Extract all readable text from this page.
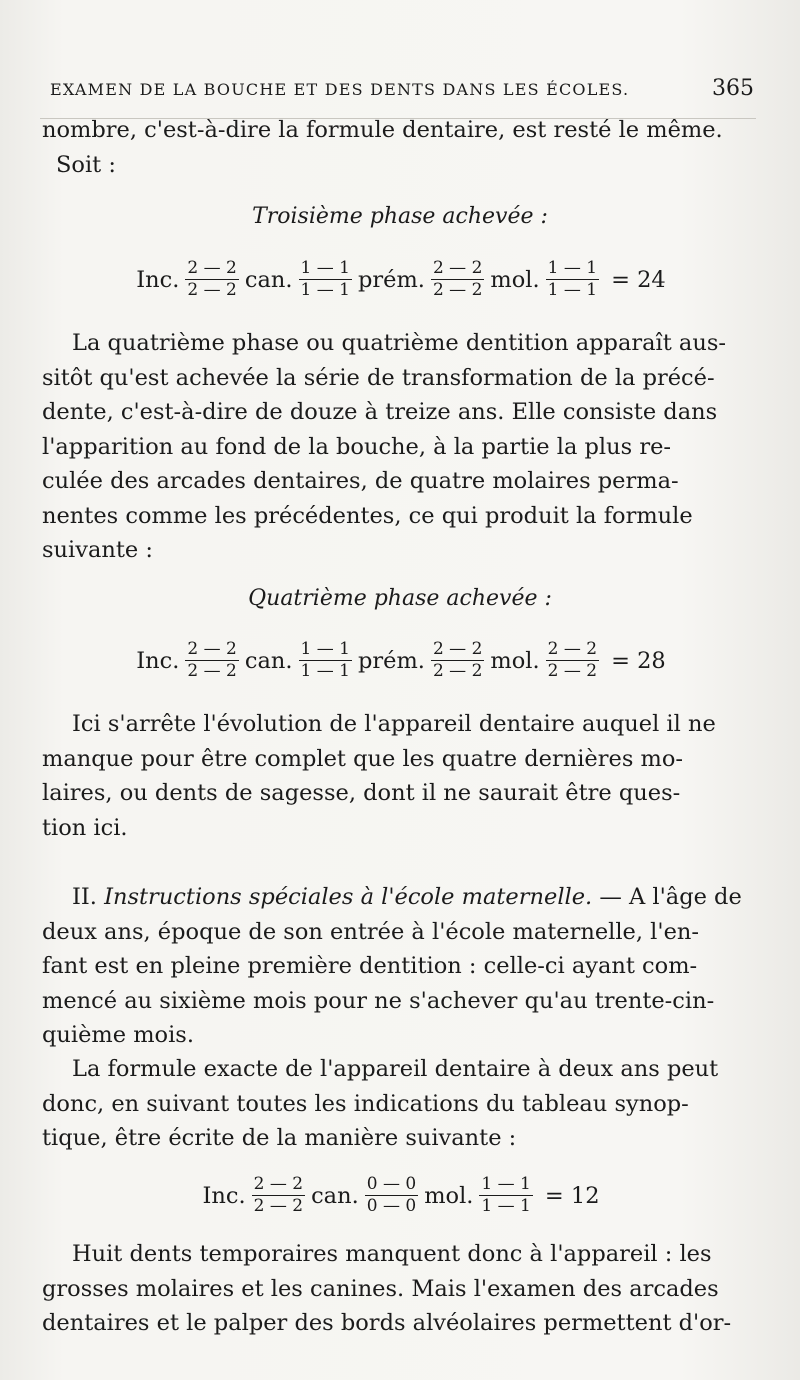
EXAMEN DE LA BOUCHE ET DES DENTS DANS LES ÉCOLES.	365
nombre, c'est-à-dire la formule dentaire, est resté le même.
Soit :
Troisième phase achevée :
Inc. $\frac{2 — 2}{2 — 2}$ can. $\frac{1 — 1}{1 — 1}$ prém. $\frac{2 — 2}{2 — 2}$ mol. $\frac{1 — 1}{1 — 1} = 24$
La quatrième phase ou quatrième dentition apparaît aus-
sitôt qu'est achevée la série de transformation de la précé-
dente, c'est-à-dire de douze à treize ans. Elle consiste dans
l'apparition au fond de la bouche, à la partie la plus re-
culée des arcades dentaires, de quatre molaires perma-
nentes comme les précédentes, ce qui produit la formule
suivante :
Quatrième phase achevée :
Inc. $\frac{2 — 2}{2 — 2}$ can. $\frac{1 — 1}{1 — 1}$ prém. $\frac{2 — 2}{2 — 2}$ mol. $\frac{2 — 2}{2 — 2} = 28$
Ici s'arrête l'évolution de l'appareil dentaire auquel il ne
manque pour être complet que les quatre dernières mo-
laires, ou dents de sagesse, dont il ne saurait être ques-
tion ici.
II. Instructions spéciales à l'école maternelle. — A l'âge de
deux ans, époque de son entrée à l'école maternelle, l'en-
fant est en pleine première dentition : celle-ci ayant com-
mencé au sixième mois pour ne s'achever qu'au trente-cin-
quième mois.
La formule exacte de l'appareil dentaire à deux ans peut
donc, en suivant toutes les indications du tableau synop-
tique, être écrite de la manière suivante :
Inc. $\frac{2 — 2}{2 — 2}$ can. $\frac{0 — 0}{0 — 0}$ mol. $\frac{1 — 1}{1 — 1} = 12$
Huit dents temporaires manquent donc à l'appareil : les
grosses molaires et les canines. Mais l'examen des arcades
dentaires et le palper des bords alvéolaires permettent d'or-
